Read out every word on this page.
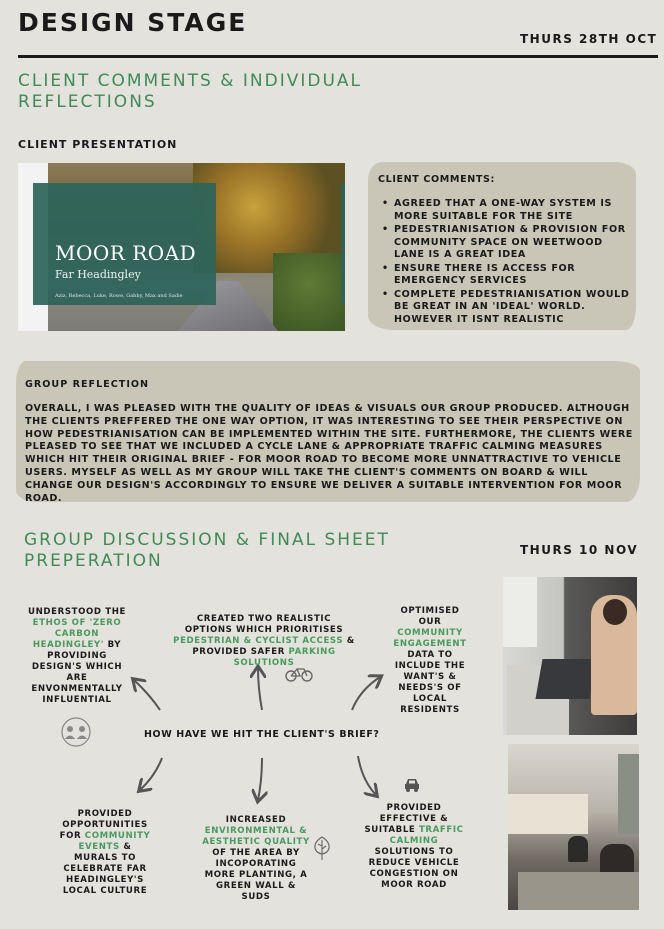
DESIGN STAGE
THURS 28TH OCT
CLIENT COMMENTS & INDIVIDUAL
REFLECTIONS
CLIENT PRESENTATION
MOOR ROAD
Far Headingley
Aziz, Rebecca, Luke, Rowe, Gabby, Max and Sadie
CLIENT COMMENTS:
• AGREED THAT A ONE-WAY SYSTEM IS MORE SUITABLE FOR THE SITE
• PEDESTRIANISATION & PROVISION FOR COMMUNITY SPACE ON WEETWOOD LANE IS A GREAT IDEA
• ENSURE THERE IS ACCESS FOR EMERGENCY SERVICES
• COMPLETE PEDESTRIANISATION WOULD BE GREAT IN AN 'IDEAL' WORLD. HOWEVER IT ISNT REALISTIC
GROUP REFLECTION
OVERALL, I WAS PLEASED WITH THE QUALITY OF IDEAS & VISUALS OUR GROUP PRODUCED. ALTHOUGH THE CLIENTS PREFFERED THE ONE WAY OPTION, IT WAS INTERESTING TO SEE THEIR PERSPECTIVE ON HOW PEDESTRIANISATION CAN BE IMPLEMENTED WITHIN THE SITE. FURTHERMORE, THE CLIENTS WERE PLEASED TO SEE THAT WE INCLUDED A CYCLE LANE & APPROPRIATE TRAFFIC CALMING MEASURES WHICH HIT THEIR ORIGINAL BRIEF - FOR MOOR ROAD TO BECOME MORE UNNATTRACTIVE TO VEHICLE USERS. MYSELF AS WELL AS MY GROUP WILL TAKE THE CLIENT'S COMMENTS ON BOARD & WILL CHANGE OUR DESIGN'S ACCORDINGLY TO ENSURE WE DELIVER A SUITABLE INTERVENTION FOR MOOR ROAD.
GROUP DISCUSSION & FINAL SHEET
PREPERATION
THURS 10 NOV
HOW HAVE WE HIT THE CLIENT'S BRIEF?
UNDERSTOOD THE ETHOS OF 'ZERO CARBON HEADINGLEY' BY PROVIDING DESIGN'S WHICH ARE ENVONMENTALLY INFLUENTIAL
CREATED TWO REALISTIC OPTIONS WHICH PRIORITISES PEDESTRIAN & CYCLIST ACCESS & PROVIDED SAFER PARKING SOLUTIONS
OPTIMISED OUR COMMUNITY ENGAGEMENT DATA TO INCLUDE THE WANT'S & NEEDS'S OF LOCAL RESIDENTS
PROVIDED OPPORTUNITIES FOR COMMUNITY EVENTS & MURALS TO CELEBRATE FAR HEADINGLEY'S LOCAL CULTURE
INCREASED ENVIRONMENTAL & AESTHETIC QUALITY OF THE AREA BY INCOPORATING MORE PLANTING, A GREEN WALL & SUDS
PROVIDED EFFECTIVE & SUITABLE TRAFFIC CALMING SOLUTIONS TO REDUCE VEHICLE CONGESTION ON MOOR ROAD
